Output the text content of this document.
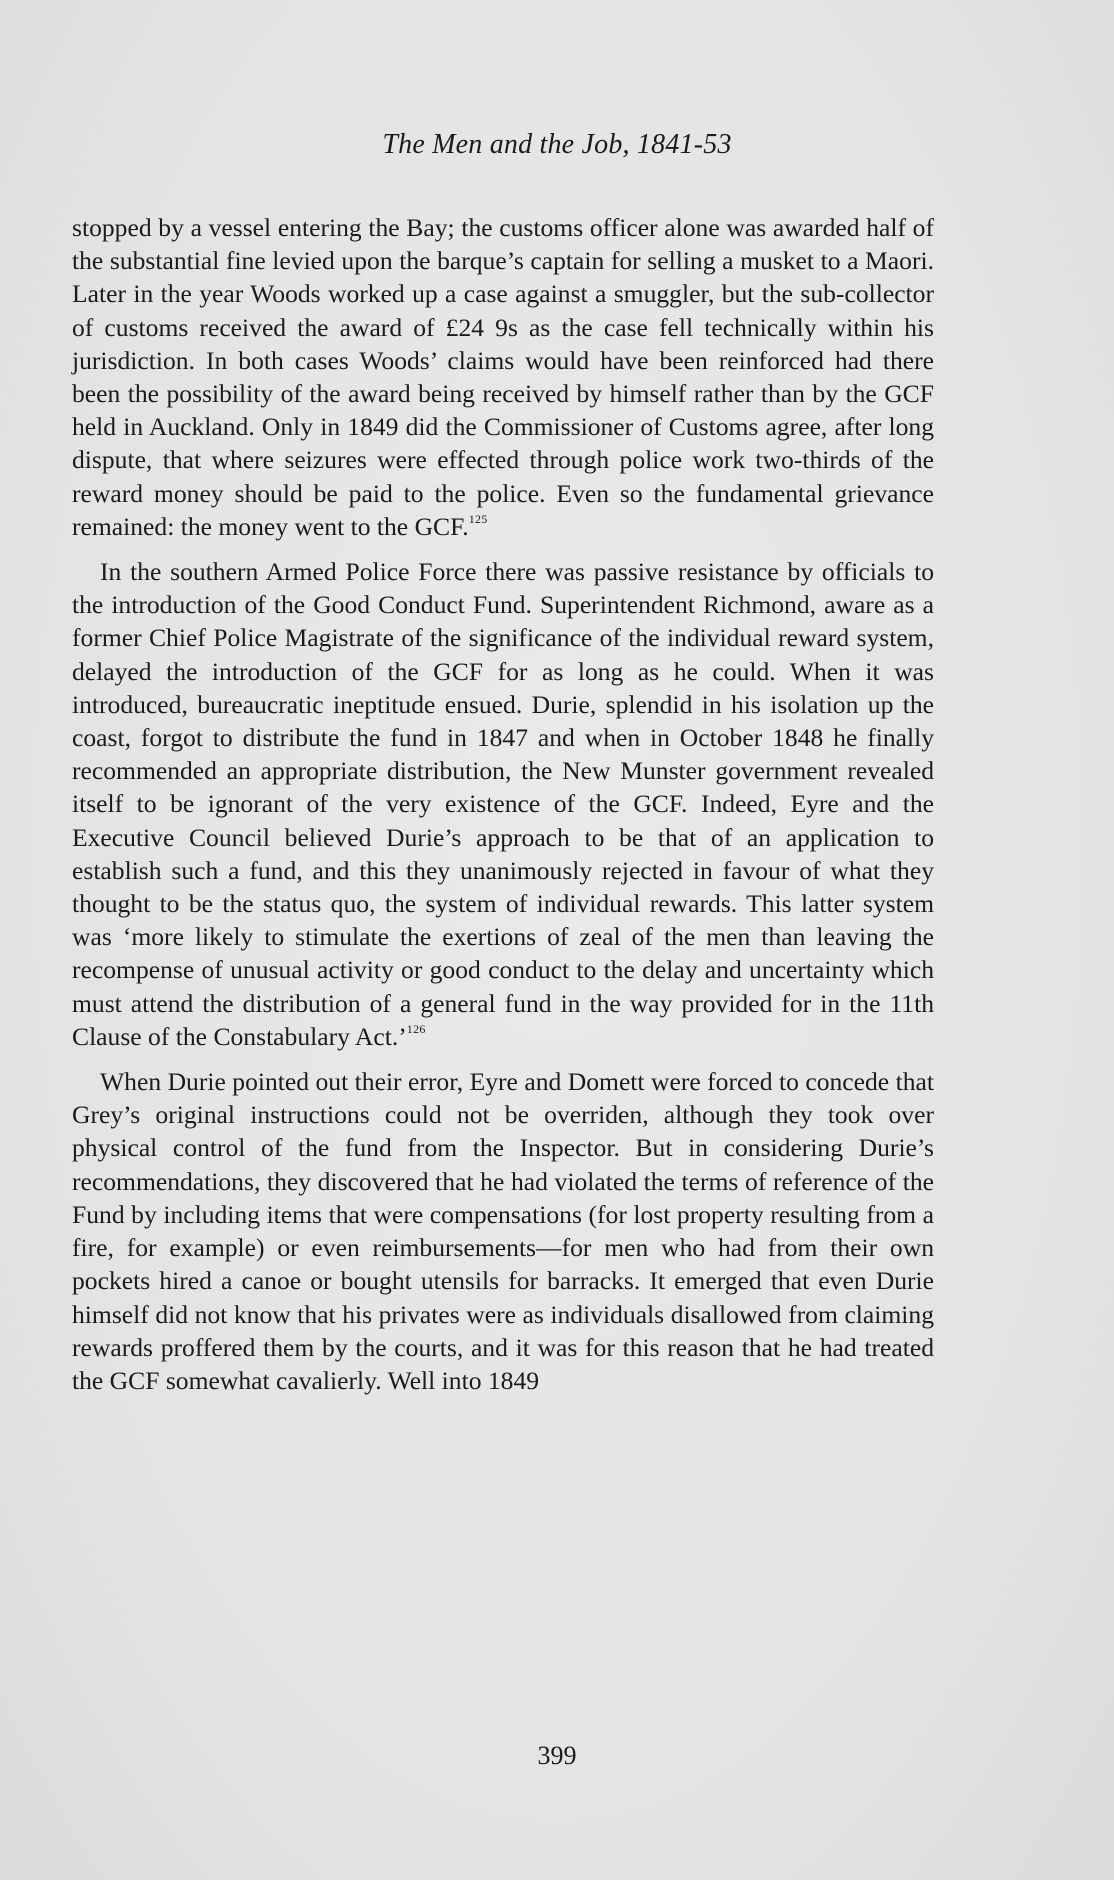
The Men and the Job, 1841-53

stopped by a vessel entering the Bay; the customs officer alone was awarded half of the substantial fine levied upon the barque’s captain for selling a musket to a Maori. Later in the year Woods worked up a case against a smuggler, but the sub-collector of customs received the award of £24 9s as the case fell technically within his jurisdiction. In both cases Woods’ claims would have been reinforced had there been the possibility of the award being received by himself rather than by the GCF held in Auckland. Only in 1849 did the Commissioner of Customs agree, after long dispute, that where seizures were effected through police work two-thirds of the reward money should be paid to the police. Even so the fundamental grievance remained: the money went to the GCF.$^{125}$

In the southern Armed Police Force there was passive resistance by officials to the introduction of the Good Conduct Fund. Superintendent Richmond, aware as a former Chief Police Magistrate of the significance of the individual reward system, delayed the introduction of the GCF for as long as he could. When it was introduced, bureaucratic ineptitude ensued. Durie, splendid in his isolation up the coast, forgot to distribute the fund in 1847 and when in October 1848 he finally recommended an appropriate distribution, the New Munster government revealed itself to be ignorant of the very existence of the GCF. Indeed, Eyre and the Executive Council believed Durie’s approach to be that of an application to establish such a fund, and this they unanimously rejected in favour of what they thought to be the status quo, the system of individual rewards. This latter system was ‘more likely to stimulate the exertions of zeal of the men than leaving the recompense of unusual activity or good conduct to the delay and uncertainty which must attend the distribution of a general fund in the way provided for in the 11th Clause of the Constabulary Act.’$^{126}$

When Durie pointed out their error, Eyre and Domett were forced to concede that Grey’s original instructions could not be overriden, although they took over physical control of the fund from the Inspector. But in considering Durie’s recommendations, they discovered that he had violated the terms of reference of the Fund by including items that were compensations (for lost property resulting from a fire, for example) or even reimbursements—for men who had from their own pockets hired a canoe or bought utensils for barracks. It emerged that even Durie himself did not know that his privates were as individuals disallowed from claiming rewards proffered them by the courts, and it was for this reason that he had treated the GCF somewhat cavalierly. Well into 1849

399
